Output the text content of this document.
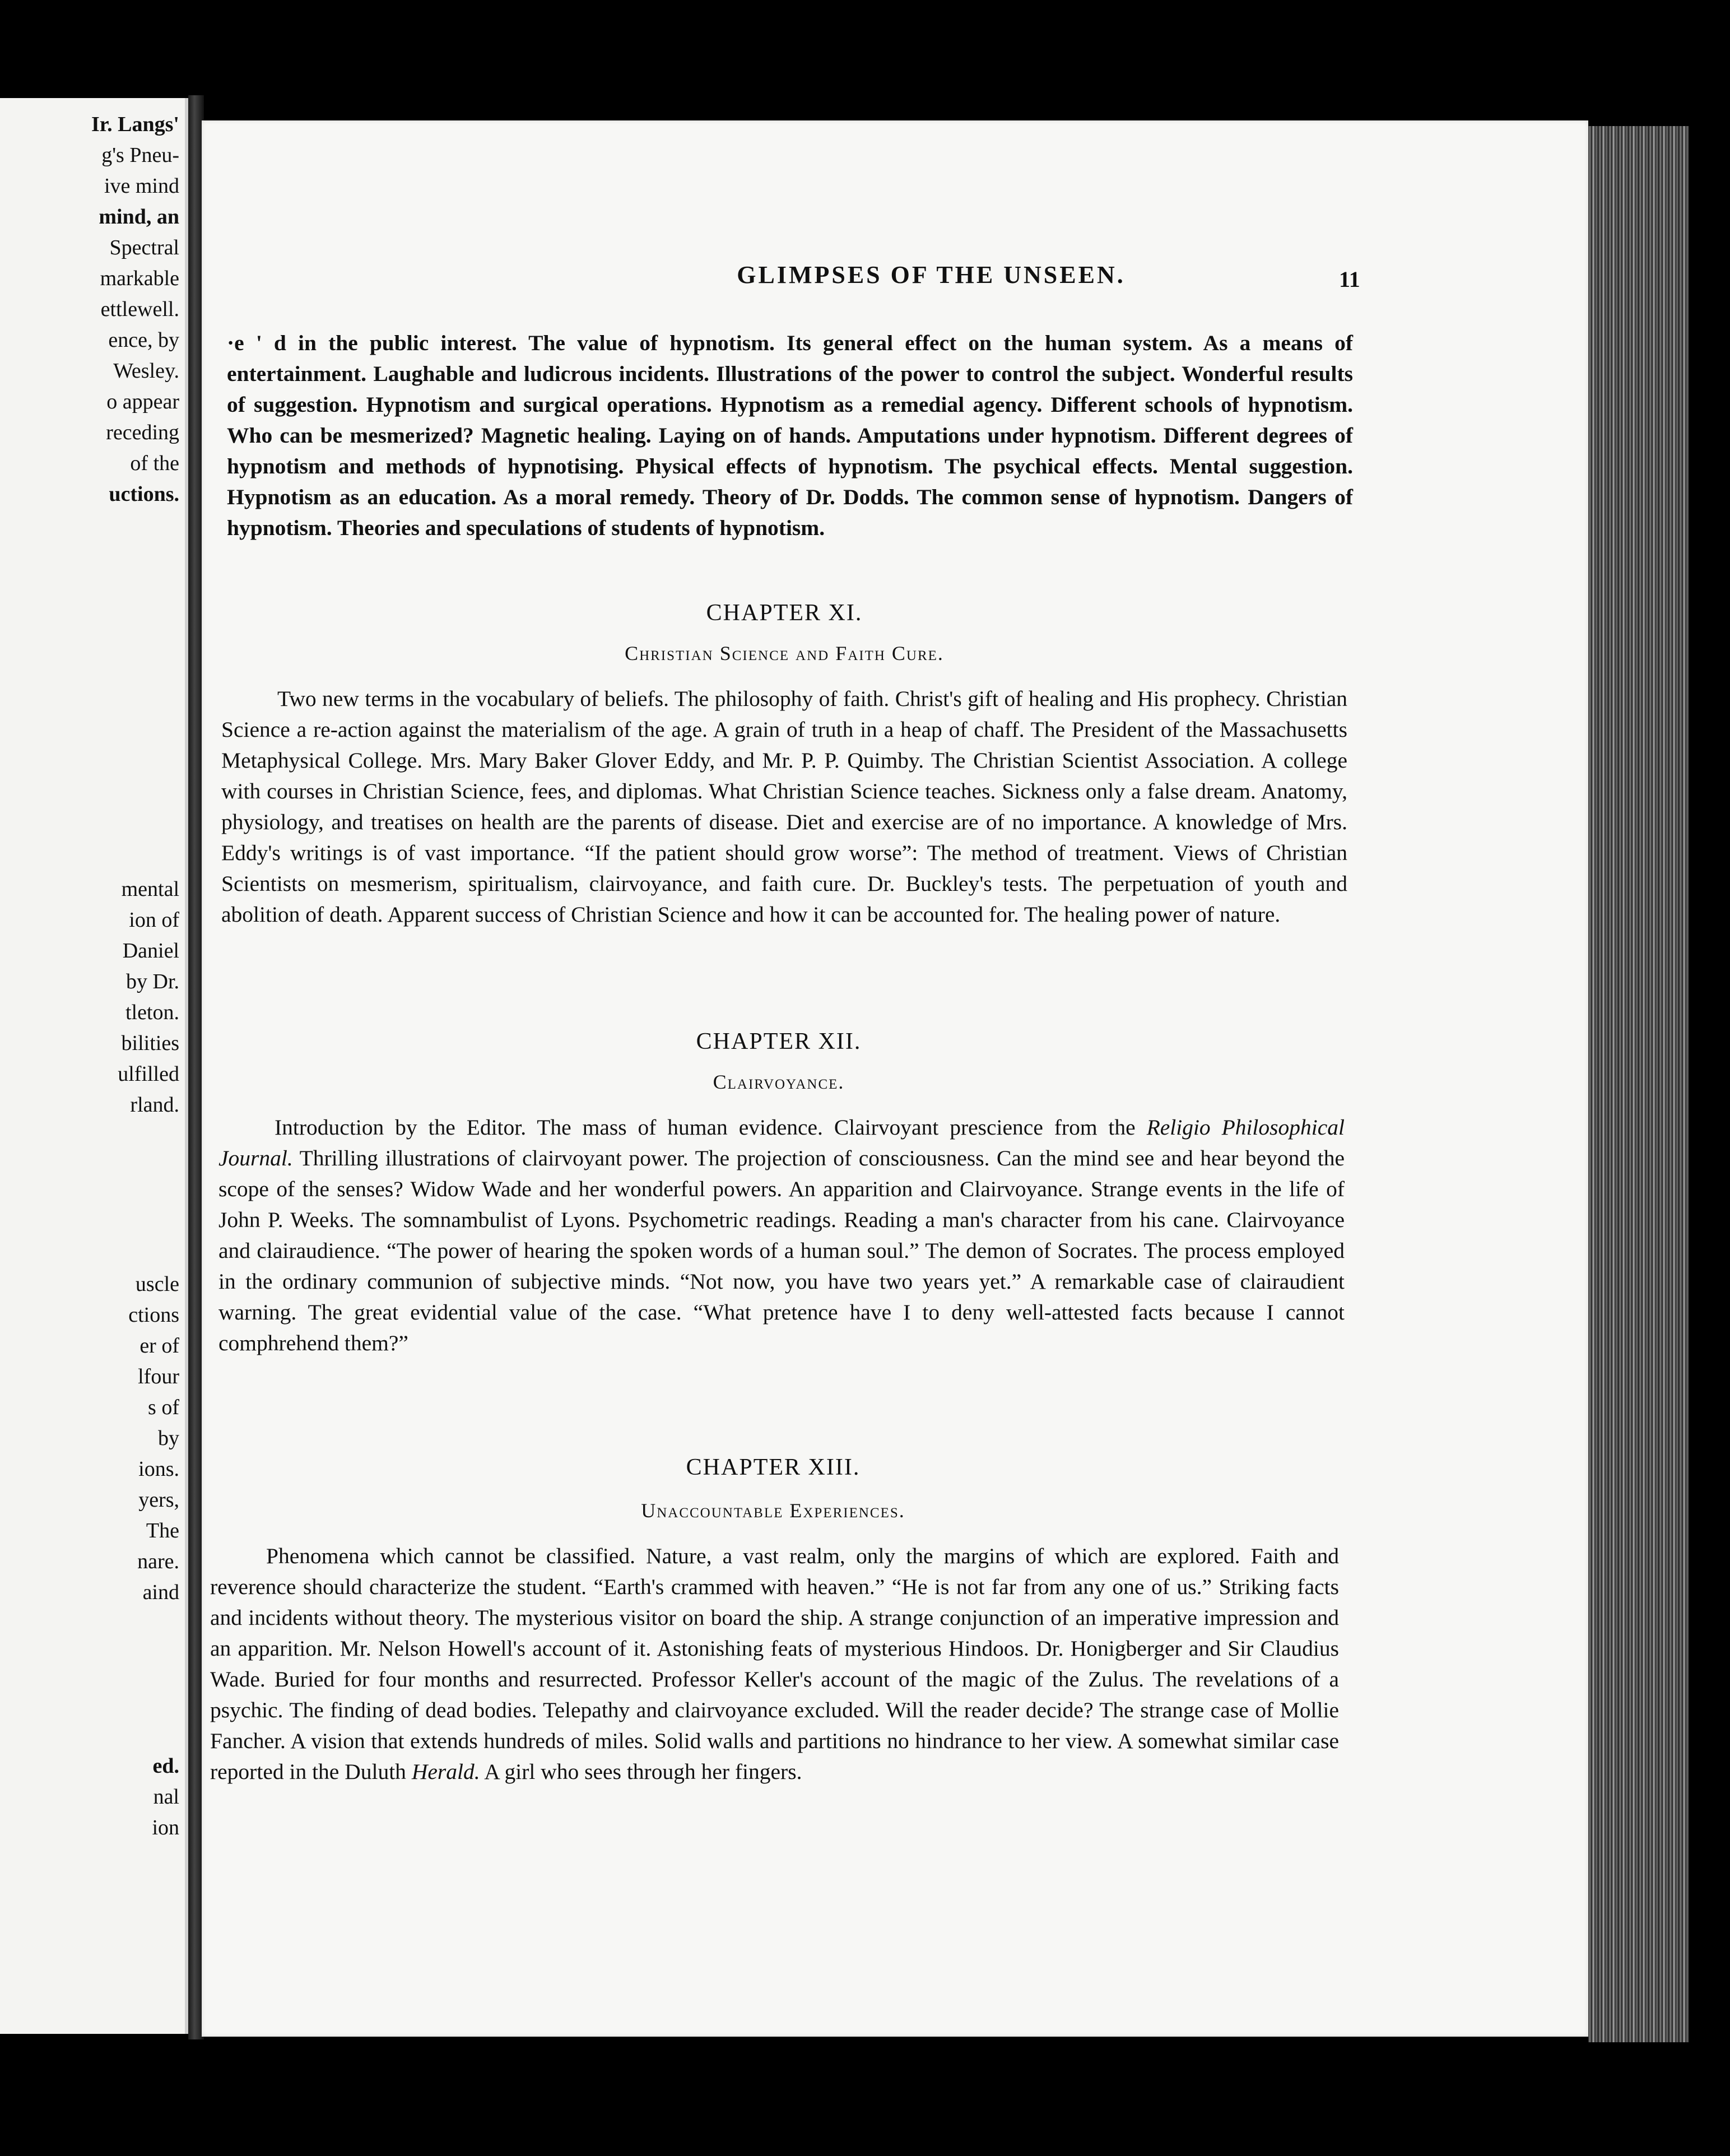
Ir. Langs'
g's Pneu-
ive mind
mind, an
Spectral
markable
ettlewell.
ence, by
Wesley.
o appear
receding
of the
uctions.
mental
ion of
Daniel
by Dr.
tleton.
bilities
ulfilled
rland.
uscle
ctions
er of
lfour
s of
by
ions.
yers,
The
nare.
aind
ed.
nal
ion
GLIMPSES OF THE UNSEEN.	11

·e ' d in the public interest. The value of hypnotism. Its general effect on the human system. As a means of entertainment. Laughable and ludicrous incidents. Illustrations of the power to control the subject. Wonderful results of suggestion. Hypnotism and surgical operations. Hypnotism as a remedial agency. Different schools of hypnotism. Who can be mesmerized? Magnetic healing. Laying on of hands. Amputations under hypnotism. Different degrees of hypnotism and methods of hypnotising. Physical effects of hypnotism. The psychical effects. Mental suggestion. Hypnotism as an education. As a moral remedy. Theory of Dr. Dodds. The common sense of hypnotism. Dangers of hypnotism. Theories and speculations of students of hypnotism.

CHAPTER XI.
Christian Science and Faith Cure.

Two new terms in the vocabulary of beliefs. The philosophy of faith. Christ's gift of healing and His prophecy. Christian Science a re-action against the materialism of the age. A grain of truth in a heap of chaff. The President of the Massachusetts Metaphysical College. Mrs. Mary Baker Glover Eddy, and Mr. P. P. Quimby. The Christian Scientist Association. A college with courses in Christian Science, fees, and diplomas. What Christian Science teaches. Sickness only a false dream. Anatomy, physiology, and treatises on health are the parents of disease. Diet and exercise are of no importance. A knowledge of Mrs. Eddy's writings is of vast importance. “If the patient should grow worse”: The method of treatment. Views of Christian Scientists on mesmerism, spiritualism, clairvoyance, and faith cure. Dr. Buckley's tests. The perpetuation of youth and abolition of death. Apparent success of Christian Science and how it can be accounted for. The healing power of nature.

CHAPTER XII.
Clairvoyance.

Introduction by the Editor. The mass of human evidence. Clairvoyant prescience from the Religio Philosophical Journal. Thrilling illustrations of clairvoyant power. The projection of consciousness. Can the mind see and hear beyond the scope of the senses? Widow Wade and her wonderful powers. An apparition and Clairvoyance. Strange events in the life of John P. Weeks. The somnambulist of Lyons. Psychometric readings. Reading a man's character from his cane. Clairvoyance and clairaudience. “The power of hearing the spoken words of a human soul.” The demon of Socrates. The process employed in the ordinary communion of subjective minds. “Not now, you have two years yet.” A remarkable case of clairaudient warning. The great evidential value of the case. “What pretence have I to deny well-attested facts because I cannot comphrehend them?”

CHAPTER XIII.
Unaccountable Experiences.

Phenomena which cannot be classified. Nature, a vast realm, only the margins of which are explored. Faith and reverence should characterize the student. “Earth's crammed with heaven.” “He is not far from any one of us.” Striking facts and incidents without theory. The mysterious visitor on board the ship. A strange conjunction of an imperative impression and an apparition. Mr. Nelson Howell's account of it. Astonishing feats of mysterious Hindoos. Dr. Honigberger and Sir Claudius Wade. Buried for four months and resurrected. Professor Keller's account of the magic of the Zulus. The revelations of a psychic. The finding of dead bodies. Telepathy and clairvoyance excluded. Will the reader decide? The strange case of Mollie Fancher. A vision that extends hundreds of miles. Solid walls and partitions no hindrance to her view. A somewhat similar case reported in the Duluth Herald. A girl who sees through her fingers.
